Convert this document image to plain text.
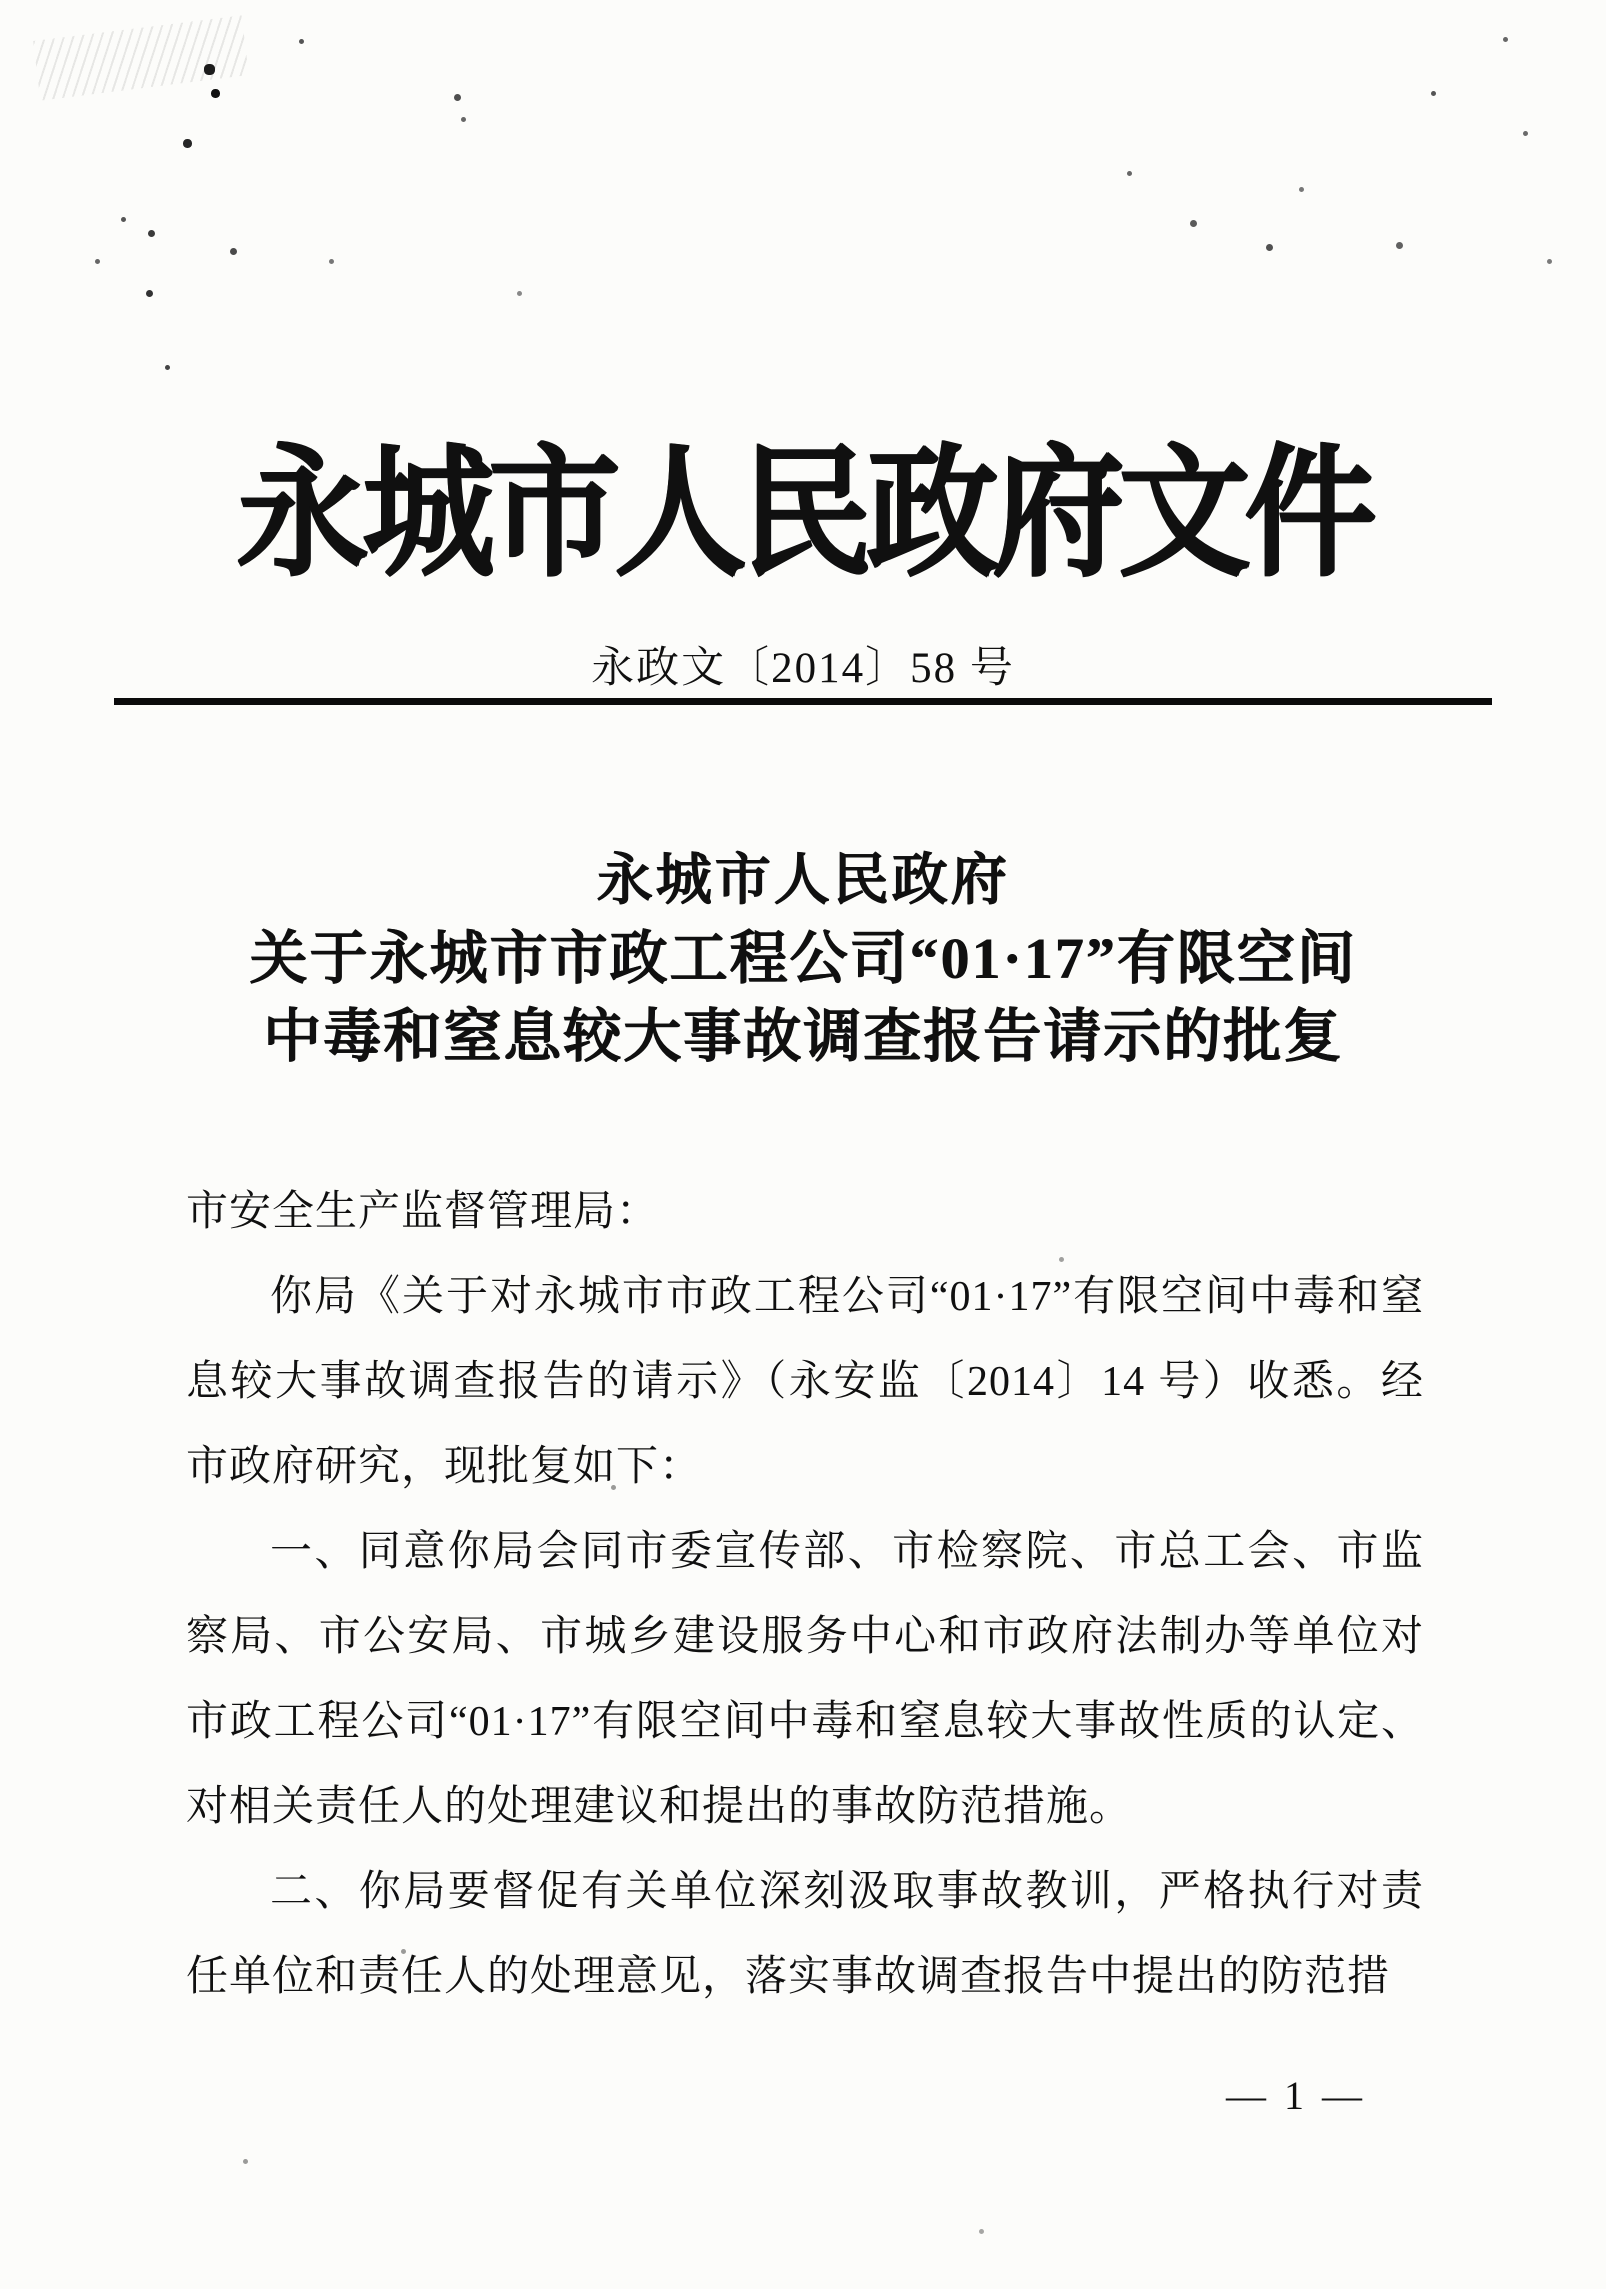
永城市人民政府文件
永政文〔2014〕58 号
永城市人民政府
关于永城市市政工程公司“01·17”有限空间
中毒和窒息较大事故调查报告请示的批复
市安全生产监督管理局：

你局《关于对永城市市政工程公司“01·17”有限空间中毒和窒息较大事故调查报告的请示》（永安监〔2014〕14 号）收悉。经市政府研究，现批复如下：

一、同意你局会同市委宣传部、市检察院、市总工会、市监察局、市公安局、市城乡建设服务中心和市政府法制办等单位对市政工程公司“01·17”有限空间中毒和窒息较大事故性质的认定、对相关责任人的处理建议和提出的事故防范措施。

二、你局要督促有关单位深刻汲取事故教训，严格执行对责任单位和责任人的处理意见，落实事故调查报告中提出的防范措

— 1 —
